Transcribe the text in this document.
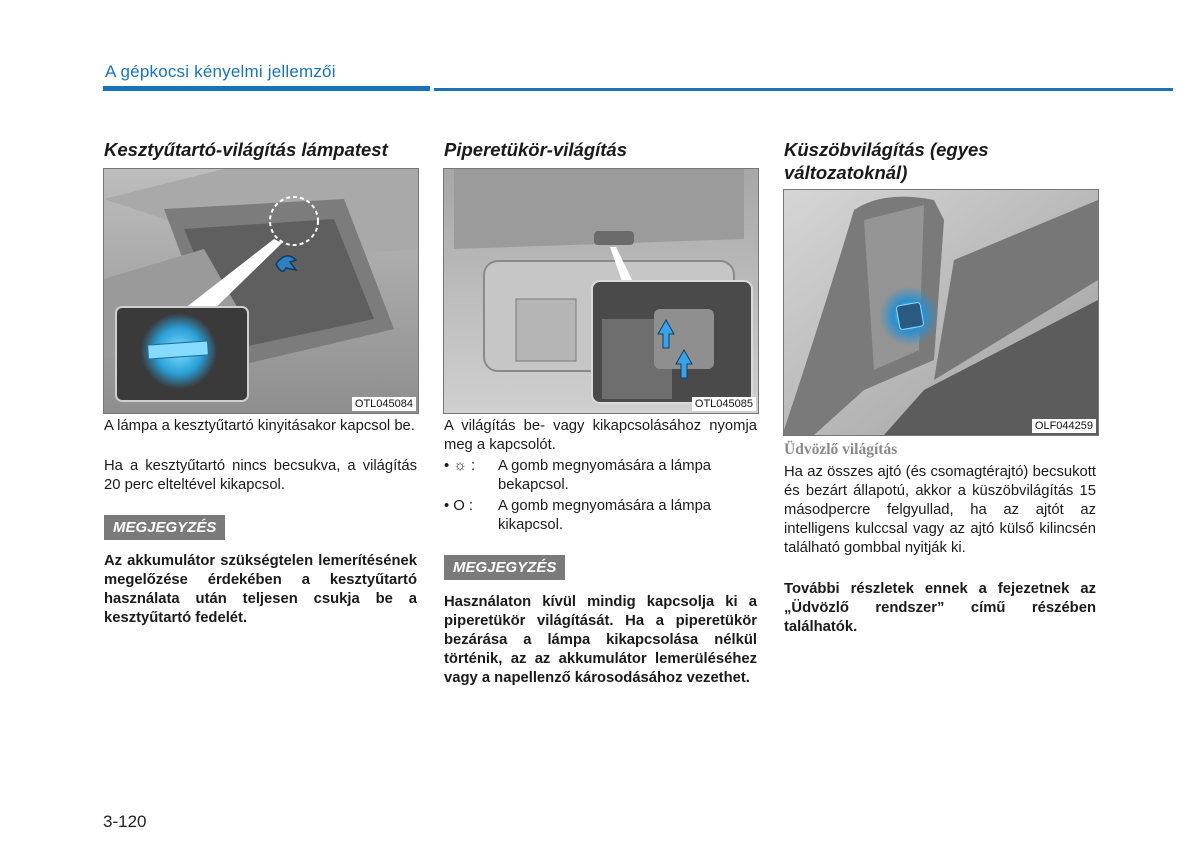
A gépkocsi kényelmi jellemzői
Kesztyűtartó-világítás lámpatest
OTL045084
A lámpa a kesztyűtartó kinyitásakor kapcsol be.
Ha a kesztyűtartó nincs becsukva, a világítás 20 perc elteltével kikapcsol.
MEGJEGYZÉS
Az akkumulátor szükségtelen lemerítésének megelőzése érdekében a kesztyűtartó használata után teljesen csukja be a kesztyűtartó fedelét.
Piperetükör-világítás
OTL045085
A világítás be- vagy kikapcsolásához nyomja meg a kapcsolót.
• ☼ :	A gomb megnyomására a lámpa bekapcsol.
• O :	A gomb megnyomására a lámpa kikapcsol.
MEGJEGYZÉS
Használaton kívül mindig kapcsolja ki a piperetükör világítását. Ha a piperetükör bezárása a lámpa kikapcsolása nélkül történik, az az akkumulátor lemerüléséhez vagy a napellenző károsodásához vezethet.
Küszöbvilágítás (egyes
változatoknál)
OLF044259
Üdvözlő világítás
Ha az összes ajtó (és csomagtérajtó) becsukott és bezárt állapotú, akkor a küszöbvilágítás 15 másodpercre felgyullad, ha az ajtót az intelligens kulccsal vagy az ajtó külső kilincsén található gombbal nyitják ki.
További részletek ennek a fejezetnek az „Üdvözlő rendszer” című részében találhatók.
3-120
